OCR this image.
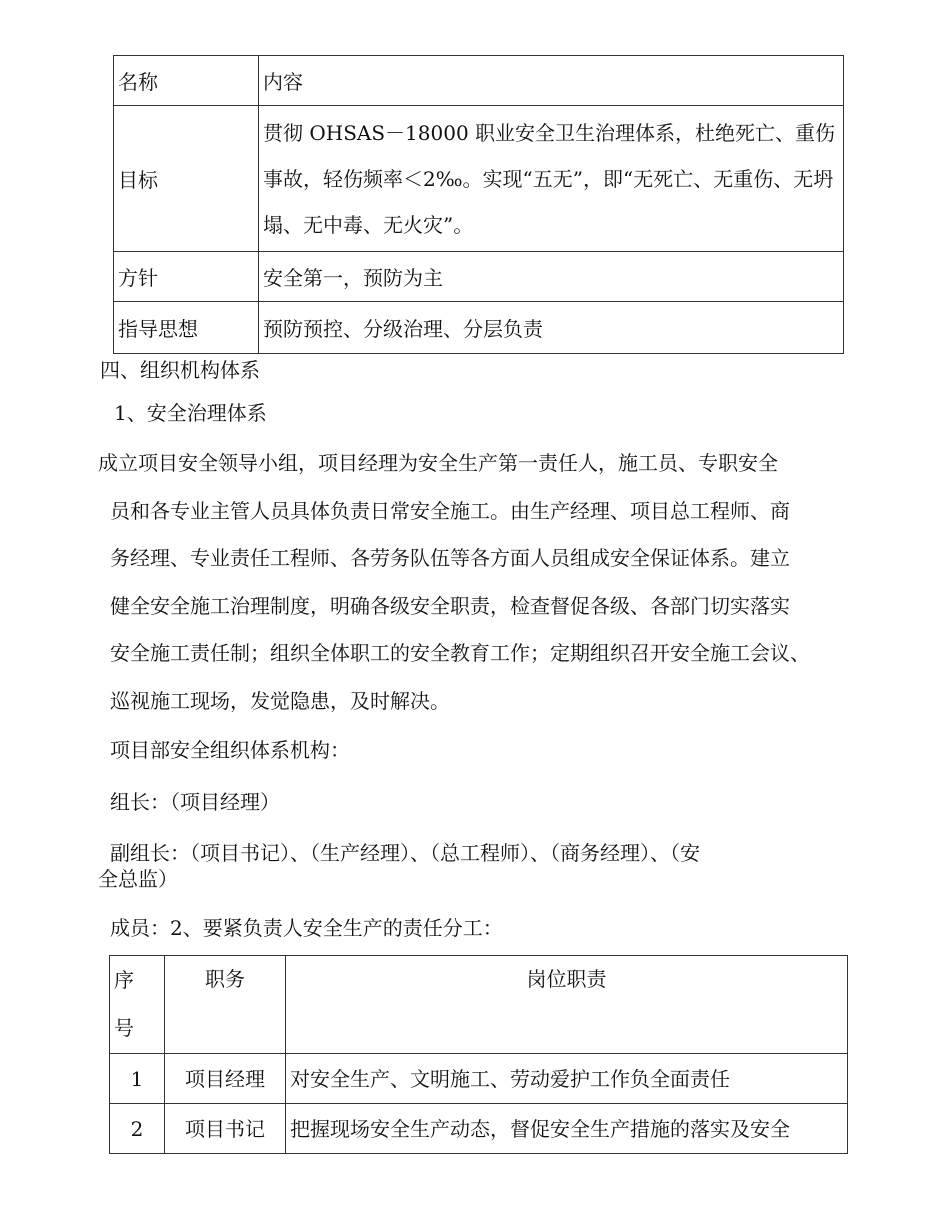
名称	内容
目标	贯彻 OHSAS－18000 职业安全卫生治理体系，杜绝死亡、重伤事故，轻伤频率＜2‰。实现“五无”，即“无死亡、无重伤、无坍塌、无中毒、无火灾”。
方针	安全第一，预防为主
指导思想	预防预控、分级治理、分层负责
四、组织机构体系
1、安全治理体系
成立项目安全领导小组，项目经理为安全生产第一责任人，施工员、专职安全
员和各专业主管人员具体负责日常安全施工。由生产经理、项目总工程师、商
务经理、专业责任工程师、各劳务队伍等各方面人员组成安全保证体系。建立
健全安全施工治理制度，明确各级安全职责，检查督促各级、各部门切实落实
安全施工责任制；组织全体职工的安全教育工作；定期组织召开安全施工会议、
巡视施工现场，发觉隐患，及时解决。
项目部安全组织体系机构：
组长：（项目经理）
副组长：（项目书记）、（生产经理）、（总工程师）、（商务经理）、（安
全总监）
成员：2、要紧负责人安全生产的责任分工：
序
号	职务	岗位职责
1	项目经理	对安全生产、文明施工、劳动爱护工作负全面责任
2	项目书记	把握现场安全生产动态，督促安全生产措施的落实及安全
